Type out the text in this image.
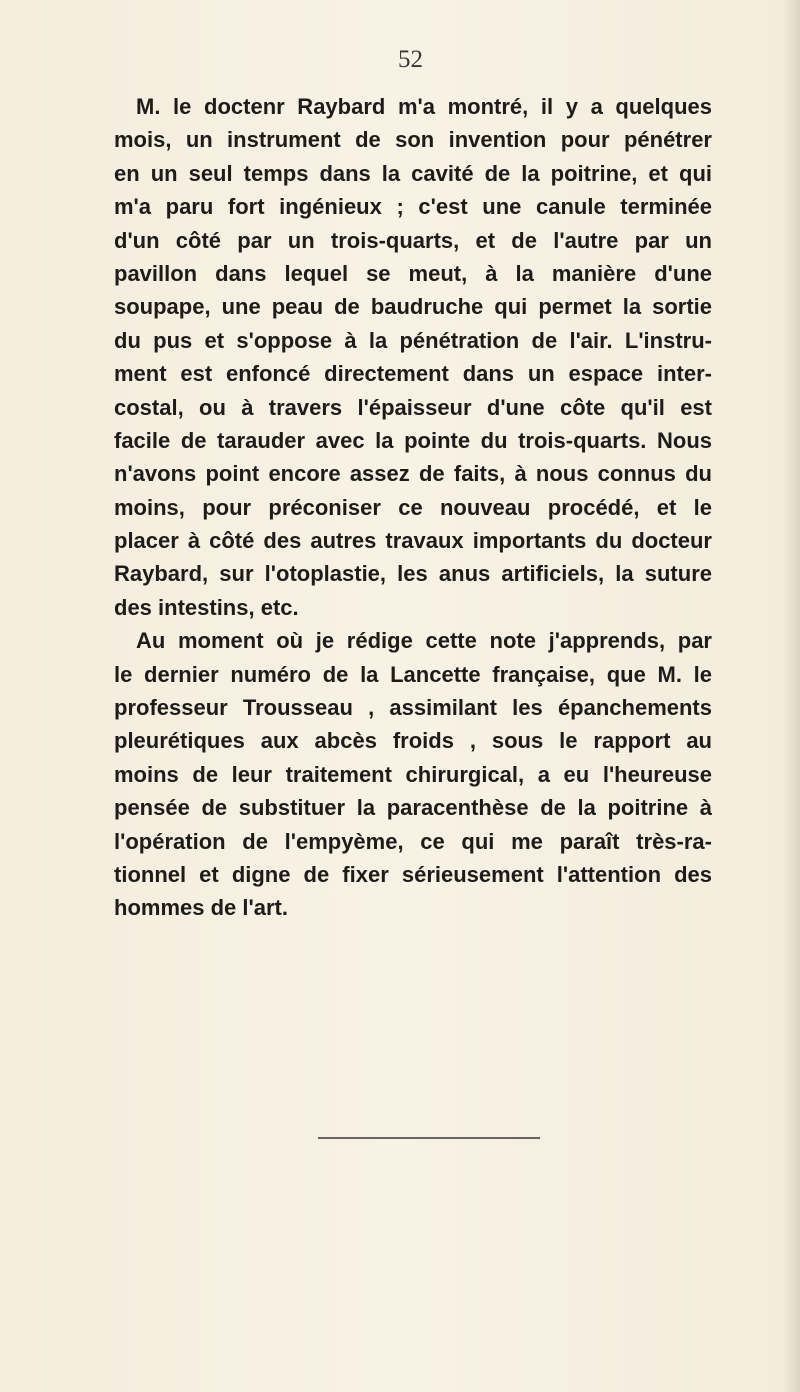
52
M. le doctenr Raybard m'a montré, il y a quelques
mois, un instrument de son invention pour pénétrer
en un seul temps dans la cavité de la poitrine, et qui
m'a paru fort ingénieux ; c'est une canule terminée
d'un côté par un trois-quarts, et de l'autre par un
pavillon dans lequel se meut, à la manière d'une
soupape, une peau de baudruche qui permet la sortie
du pus et s'oppose à la pénétration de l'air. L'instru-
ment est enfoncé directement dans un espace inter-
costal, ou à travers l'épaisseur d'une côte qu'il est
facile de tarauder avec la pointe du trois-quarts. Nous
n'avons point encore assez de faits, à nous connus du
moins, pour préconiser ce nouveau procédé, et le
placer à côté des autres travaux importants du docteur
Raybard, sur l'otoplastie, les anus artificiels, la suture
des intestins, etc.
Au moment où je rédige cette note j'apprends, par
le dernier numéro de la Lancette française, que M. le
professeur Trousseau , assimilant les épanchements
pleurétiques aux abcès froids , sous le rapport au
moins de leur traitement chirurgical, a eu l'heureuse
pensée de substituer la paracenthèse de la poitrine à
l'opération de l'empyème, ce qui me paraît très-ra-
tionnel et digne de fixer sérieusement l'attention des
hommes de l'art.
